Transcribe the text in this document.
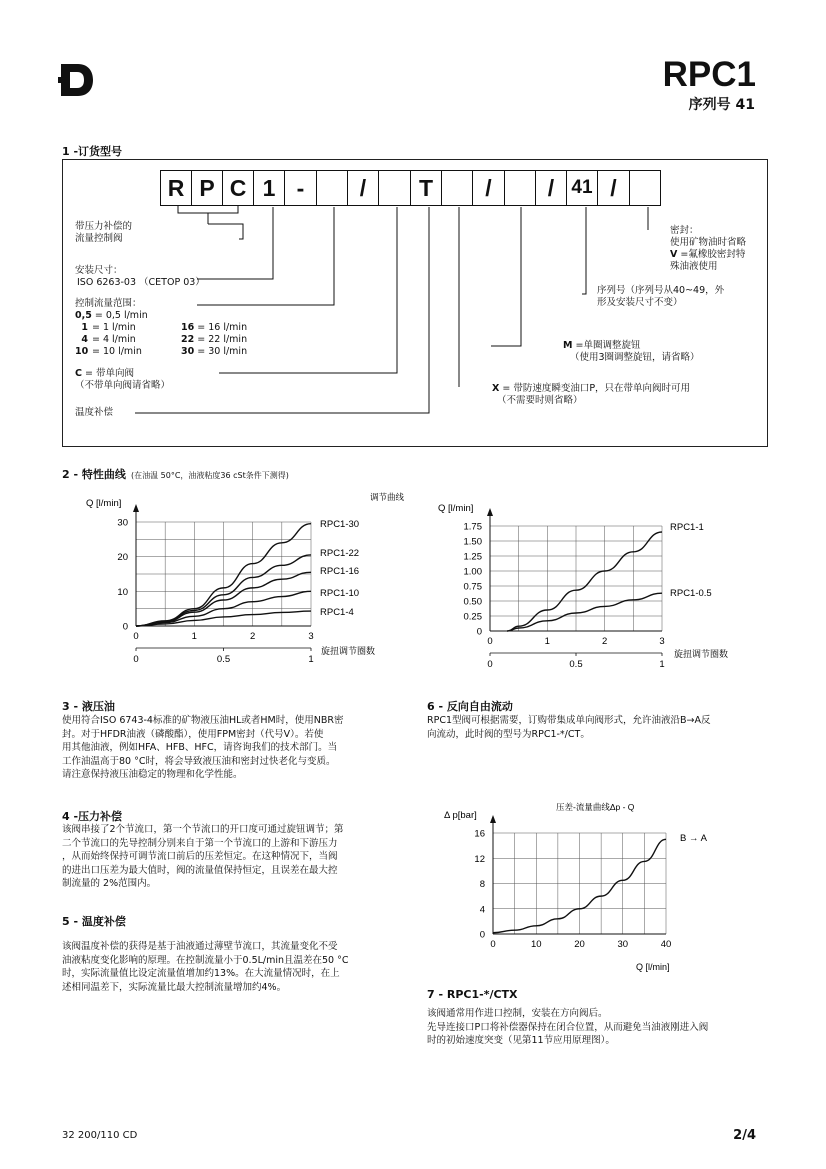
RPC1
序列号 41
1 -订货型号
R P C 1 -	/	T	/	/ 41 /
带压力补偿的
流量控制阀
安装尺寸：
ISO 6263-03 （CETOP 03）
控制流量范围：
0,5 = 0,5 l/min
1 = 1 l/min	16 = 16 l/min
4 = 4 l/min	22 = 22 l/min
10 = 10 l/min	30 = 30 l/min
C = 带单向阀
（不带单向阀请省略）
温度补偿
密封：
使用矿物油时省略
V =氟橡胶密封特
殊油液使用
序列号（序列号从40~49，外
形及安装尺寸不变）
M =单圈调整旋钮
（使用3圈调整旋钮，请省略）
X = 带防速度瞬变油口P，只在带单向阀时可用
（不需要时则省略）
2 - 特性曲线 (在油温 50°C，油液粘度36 cSt条件下测得)
0	1	2	3
0
10
20
30
0	0.5	1
Q [l/min]
旋扭调节圈数
调节曲线
RPC1-30
RPC1-22
RPC1-16
RPC1-10
RPC1-4
0	1	2	3
0
0.25
0.50
0.75
1.00
1.25
1.50
1.75
0	0.5	1
Q [l/min]
旋扭调节圈数
RPC1-1
RPC1-0.5
0	10	20	30	40
0
4
8
12
16
Δ p[bar]
Q [l/min]
压差-流量曲线Δp - Q
B → A
3 - 液压油
使用符合ISO 6743-4标准的矿物液压油HL或者HM时，使用NBR密
封。对于HFDR油液（磷酸酯），使用FPM密封（代号V）。若使
用其他油液，例如HFA、HFB、HFC，请咨询我们的技术部门。当
工作油温高于80 °C时，将会导致液压油和密封过快老化与变质。
请注意保持液压油稳定的物理和化学性能。
4 -压力补偿
该阀串接了2个节流口，第一个节流口的开口度可通过旋钮调节；第
二个节流口的先导控制分别来自于第一个节流口的上游和下游压力
，从而始终保持可调节流口前后的压差恒定。在这种情况下，当阀
的进出口压差为最大值时，阀的流量值保持恒定，且误差在最大控
制流量的 2%范围内。
5 - 温度补偿
该阀温度补偿的获得是基于油液通过薄壁节流口，其流量变化不受
油液粘度变化影响的原理。在控制流量小于0.5L/min且温差在50 °C
时，实际流量值比设定流量值增加约13%。在大流量情况时，在上
述相同温差下，实际流量比最大控制流量增加约4%。
6 - 反向自由流动
RPC1型阀可根据需要，订购带集成单向阀形式，允许油液沿B→A反
向流动，此时阀的型号为RPC1-*/CT。
7 - RPC1-*/CTX
该阀通常用作进口控制，安装在方向阀后。
先导连接口P口将补偿器保持在闭合位置，从而避免当油液刚进入阀
时的初始速度突变（见第11节应用原理图）。
32 200/110 CD	2/4
